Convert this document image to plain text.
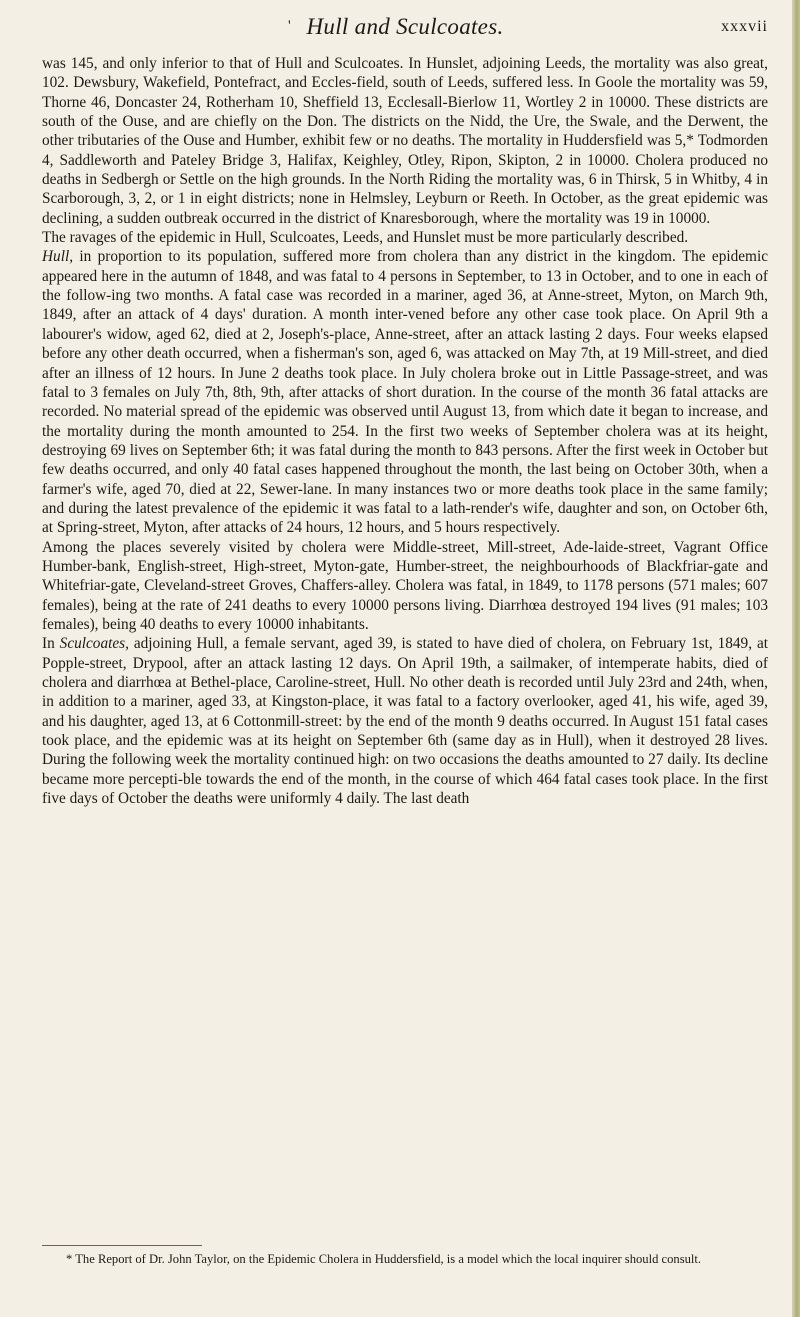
' Hull and Sculcoates.	xxxvii

was 145, and only inferior to that of Hull and Sculcoates. In Hunslet, adjoining Leeds, the mortality was also great, 102. Dewsbury, Wakefield, Pontefract, and Eccles-field, south of Leeds, suffered less. In Goole the mortality was 59, Thorne 46, Doncaster 24, Rotherham 10, Sheffield 13, Ecclesall-Bierlow 11, Wortley 2 in 10000. These districts are south of the Ouse, and are chiefly on the Don. The districts on the Nidd, the Ure, the Swale, and the Derwent, the other tributaries of the Ouse and Humber, exhibit few or no deaths. The mortality in Huddersfield was 5,* Todmorden 4, Saddleworth and Pateley Bridge 3, Halifax, Keighley, Otley, Ripon, Skipton, 2 in 10000. Cholera produced no deaths in Sedbergh or Settle on the high grounds. In the North Riding the mortality was, 6 in Thirsk, 5 in Whitby, 4 in Scarborough, 3, 2, or 1 in eight districts; none in Helmsley, Leyburn or Reeth. In October, as the great epidemic was declining, a sudden outbreak occurred in the district of Knaresborough, where the mortality was 19 in 10000.

The ravages of the epidemic in Hull, Sculcoates, Leeds, and Hunslet must be more particularly described.

Hull, in proportion to its population, suffered more from cholera than any district in the kingdom. The epidemic appeared here in the autumn of 1848, and was fatal to 4 persons in September, to 13 in October, and to one in each of the follow-ing two months. A fatal case was recorded in a mariner, aged 36, at Anne-street, Myton, on March 9th, 1849, after an attack of 4 days' duration. A month inter-vened before any other case took place. On April 9th a labourer's widow, aged 62, died at 2, Joseph's-place, Anne-street, after an attack lasting 2 days. Four weeks elapsed before any other death occurred, when a fisherman's son, aged 6, was attacked on May 7th, at 19 Mill-street, and died after an illness of 12 hours. In June 2 deaths took place. In July cholera broke out in Little Passage-street, and was fatal to 3 females on July 7th, 8th, 9th, after attacks of short duration. In the course of the month 36 fatal attacks are recorded. No material spread of the epidemic was observed until August 13, from which date it began to increase, and the mortality during the month amounted to 254. In the first two weeks of September cholera was at its height, destroying 69 lives on September 6th; it was fatal during the month to 843 persons. After the first week in October but few deaths occurred, and only 40 fatal cases happened throughout the month, the last being on October 30th, when a farmer's wife, aged 70, died at 22, Sewer-lane. In many instances two or more deaths took place in the same family; and during the latest prevalence of the epidemic it was fatal to a lath-render's wife, daughter and son, on October 6th, at Spring-street, Myton, after attacks of 24 hours, 12 hours, and 5 hours respectively.

Among the places severely visited by cholera were Middle-street, Mill-street, Ade-laide-street, Vagrant Office Humber-bank, English-street, High-street, Myton-gate, Humber-street, the neighbourhoods of Blackfriar-gate and Whitefriar-gate, Cleveland-street Groves, Chaffers-alley. Cholera was fatal, in 1849, to 1178 persons (571 males; 607 females), being at the rate of 241 deaths to every 10000 persons living. Diarrhœa destroyed 194 lives (91 males; 103 females), being 40 deaths to every 10000 inhabitants.

In Sculcoates, adjoining Hull, a female servant, aged 39, is stated to have died of cholera, on February 1st, 1849, at Popple-street, Drypool, after an attack lasting 12 days. On April 19th, a sailmaker, of intemperate habits, died of cholera and diarrhœa at Bethel-place, Caroline-street, Hull. No other death is recorded until July 23rd and 24th, when, in addition to a mariner, aged 33, at Kingston-place, it was fatal to a factory overlooker, aged 41, his wife, aged 39, and his daughter, aged 13, at 6 Cottonmill-street: by the end of the month 9 deaths occurred. In August 151 fatal cases took place, and the epidemic was at its height on September 6th (same day as in Hull), when it destroyed 28 lives. During the following week the mortality continued high: on two occasions the deaths amounted to 27 daily. Its decline became more percepti-ble towards the end of the month, in the course of which 464 fatal cases took place. In the first five days of October the deaths were uniformly 4 daily. The last death

* The Report of Dr. John Taylor, on the Epidemic Cholera in Huddersfield, is a model which the local inquirer should consult.
